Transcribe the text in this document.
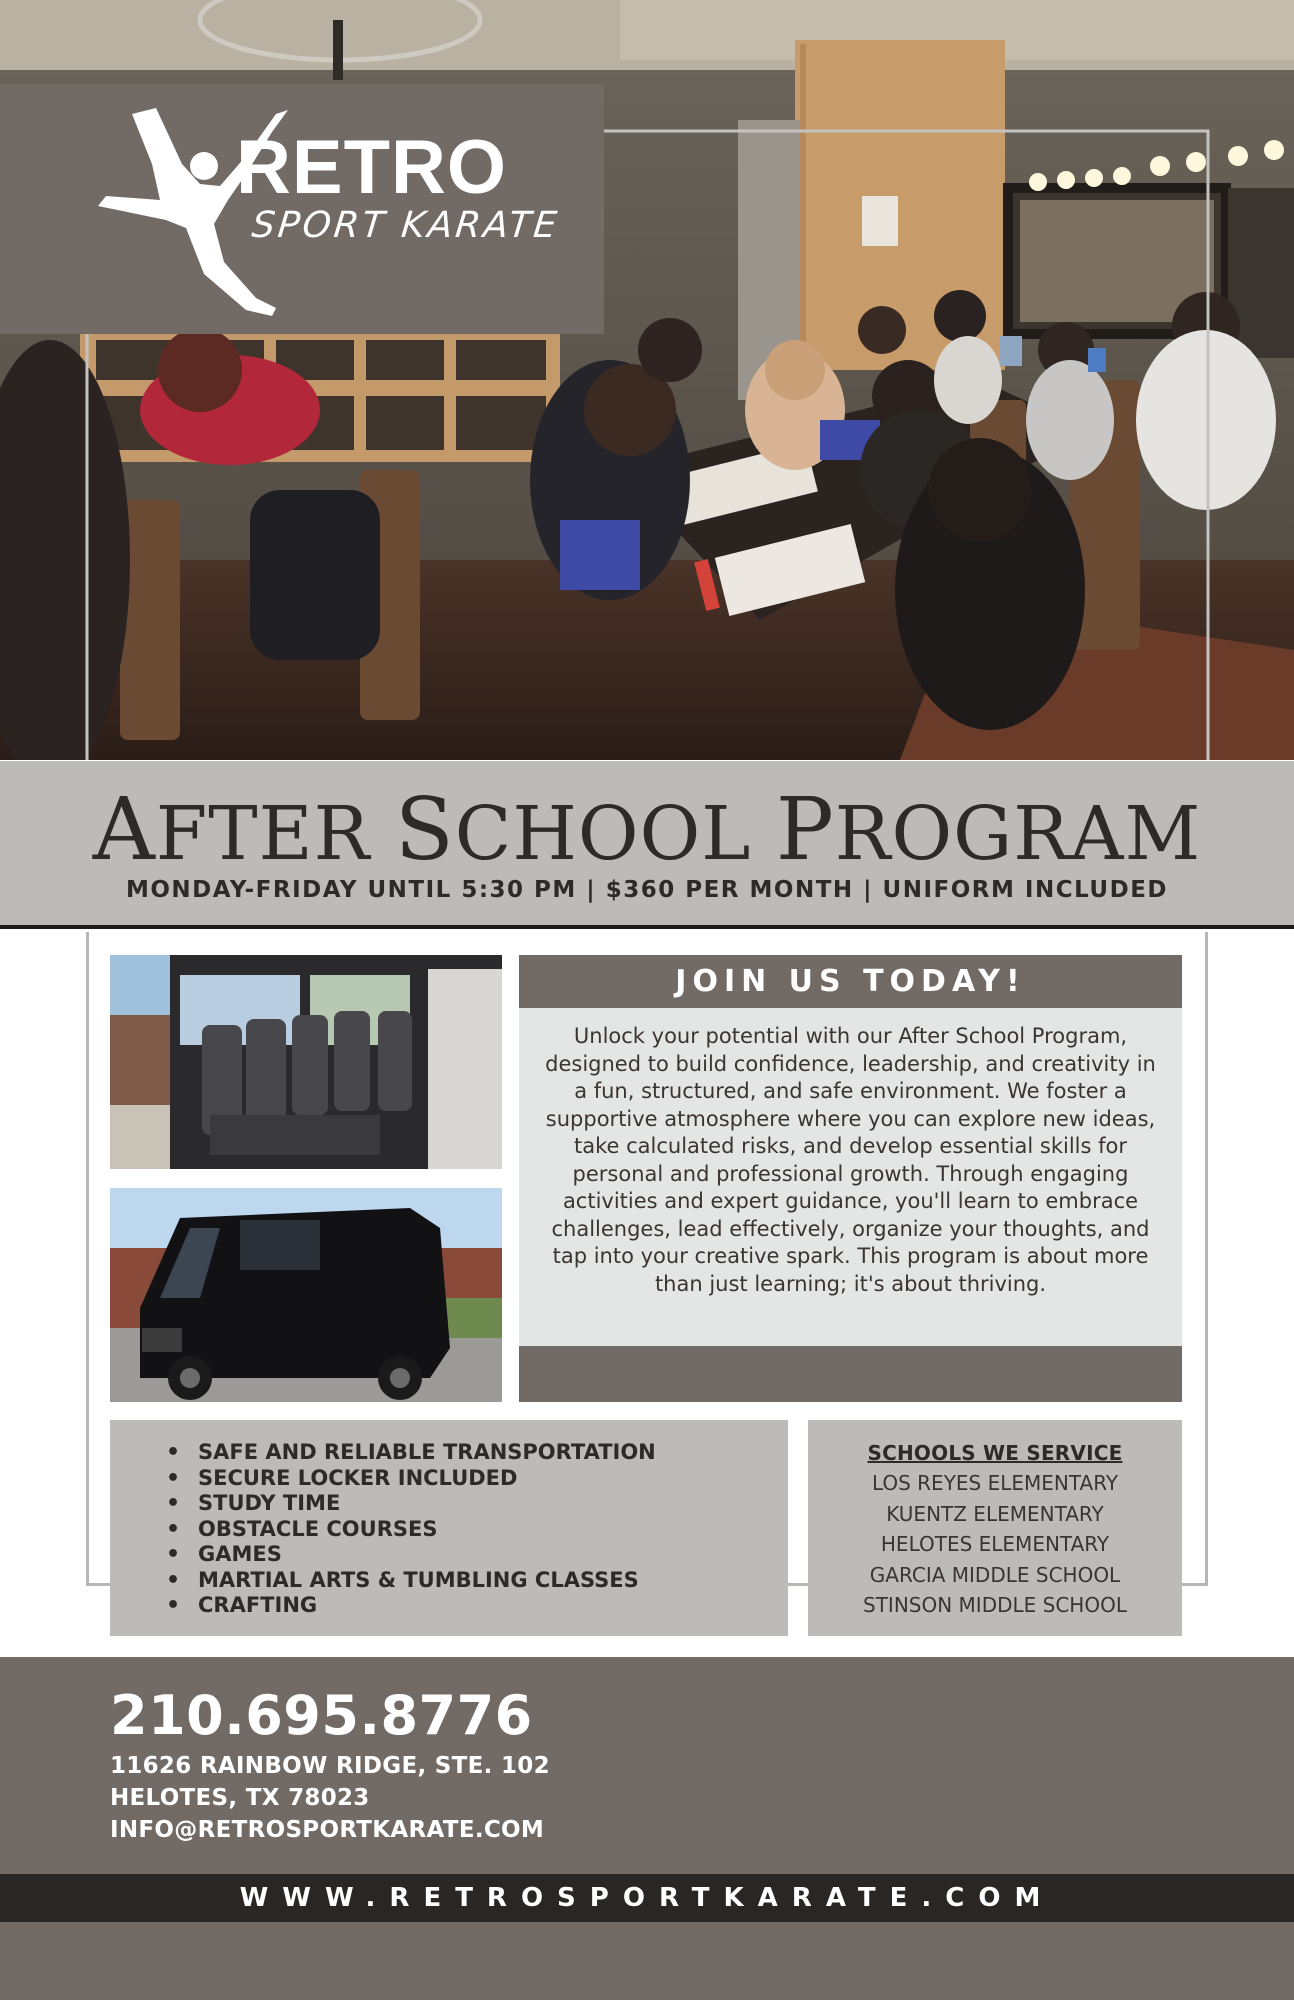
RETRO
SPORT KARATE
AFTER SCHOOL PROGRAM
MONDAY-FRIDAY UNTIL 5:30 PM | $360 PER MONTH | UNIFORM INCLUDED
JOIN US TODAY!
Unlock your potential with our After School Program, designed to build confidence, leadership, and creativity in a fun, structured, and safe environment. We foster a supportive atmosphere where you can explore new ideas, take calculated risks, and develop essential skills for personal and professional growth. Through engaging activities and expert guidance, you'll learn to embrace challenges, lead effectively, organize your thoughts, and tap into your creative spark. This program is about more than just learning; it's about thriving.
• SAFE AND RELIABLE TRANSPORTATION
• SECURE LOCKER INCLUDED
• STUDY TIME
• OBSTACLE COURSES
• GAMES
• MARTIAL ARTS & TUMBLING CLASSES
• CRAFTING
SCHOOLS WE SERVICE
LOS REYES ELEMENTARY
KUENTZ ELEMENTARY
HELOTES ELEMENTARY
GARCIA MIDDLE SCHOOL
STINSON MIDDLE SCHOOL
210.695.8776
11626 RAINBOW RIDGE, STE. 102
HELOTES, TX 78023
INFO@RETROSPORTKARATE.COM
WWW.RETROSPORTKARATE.COM
